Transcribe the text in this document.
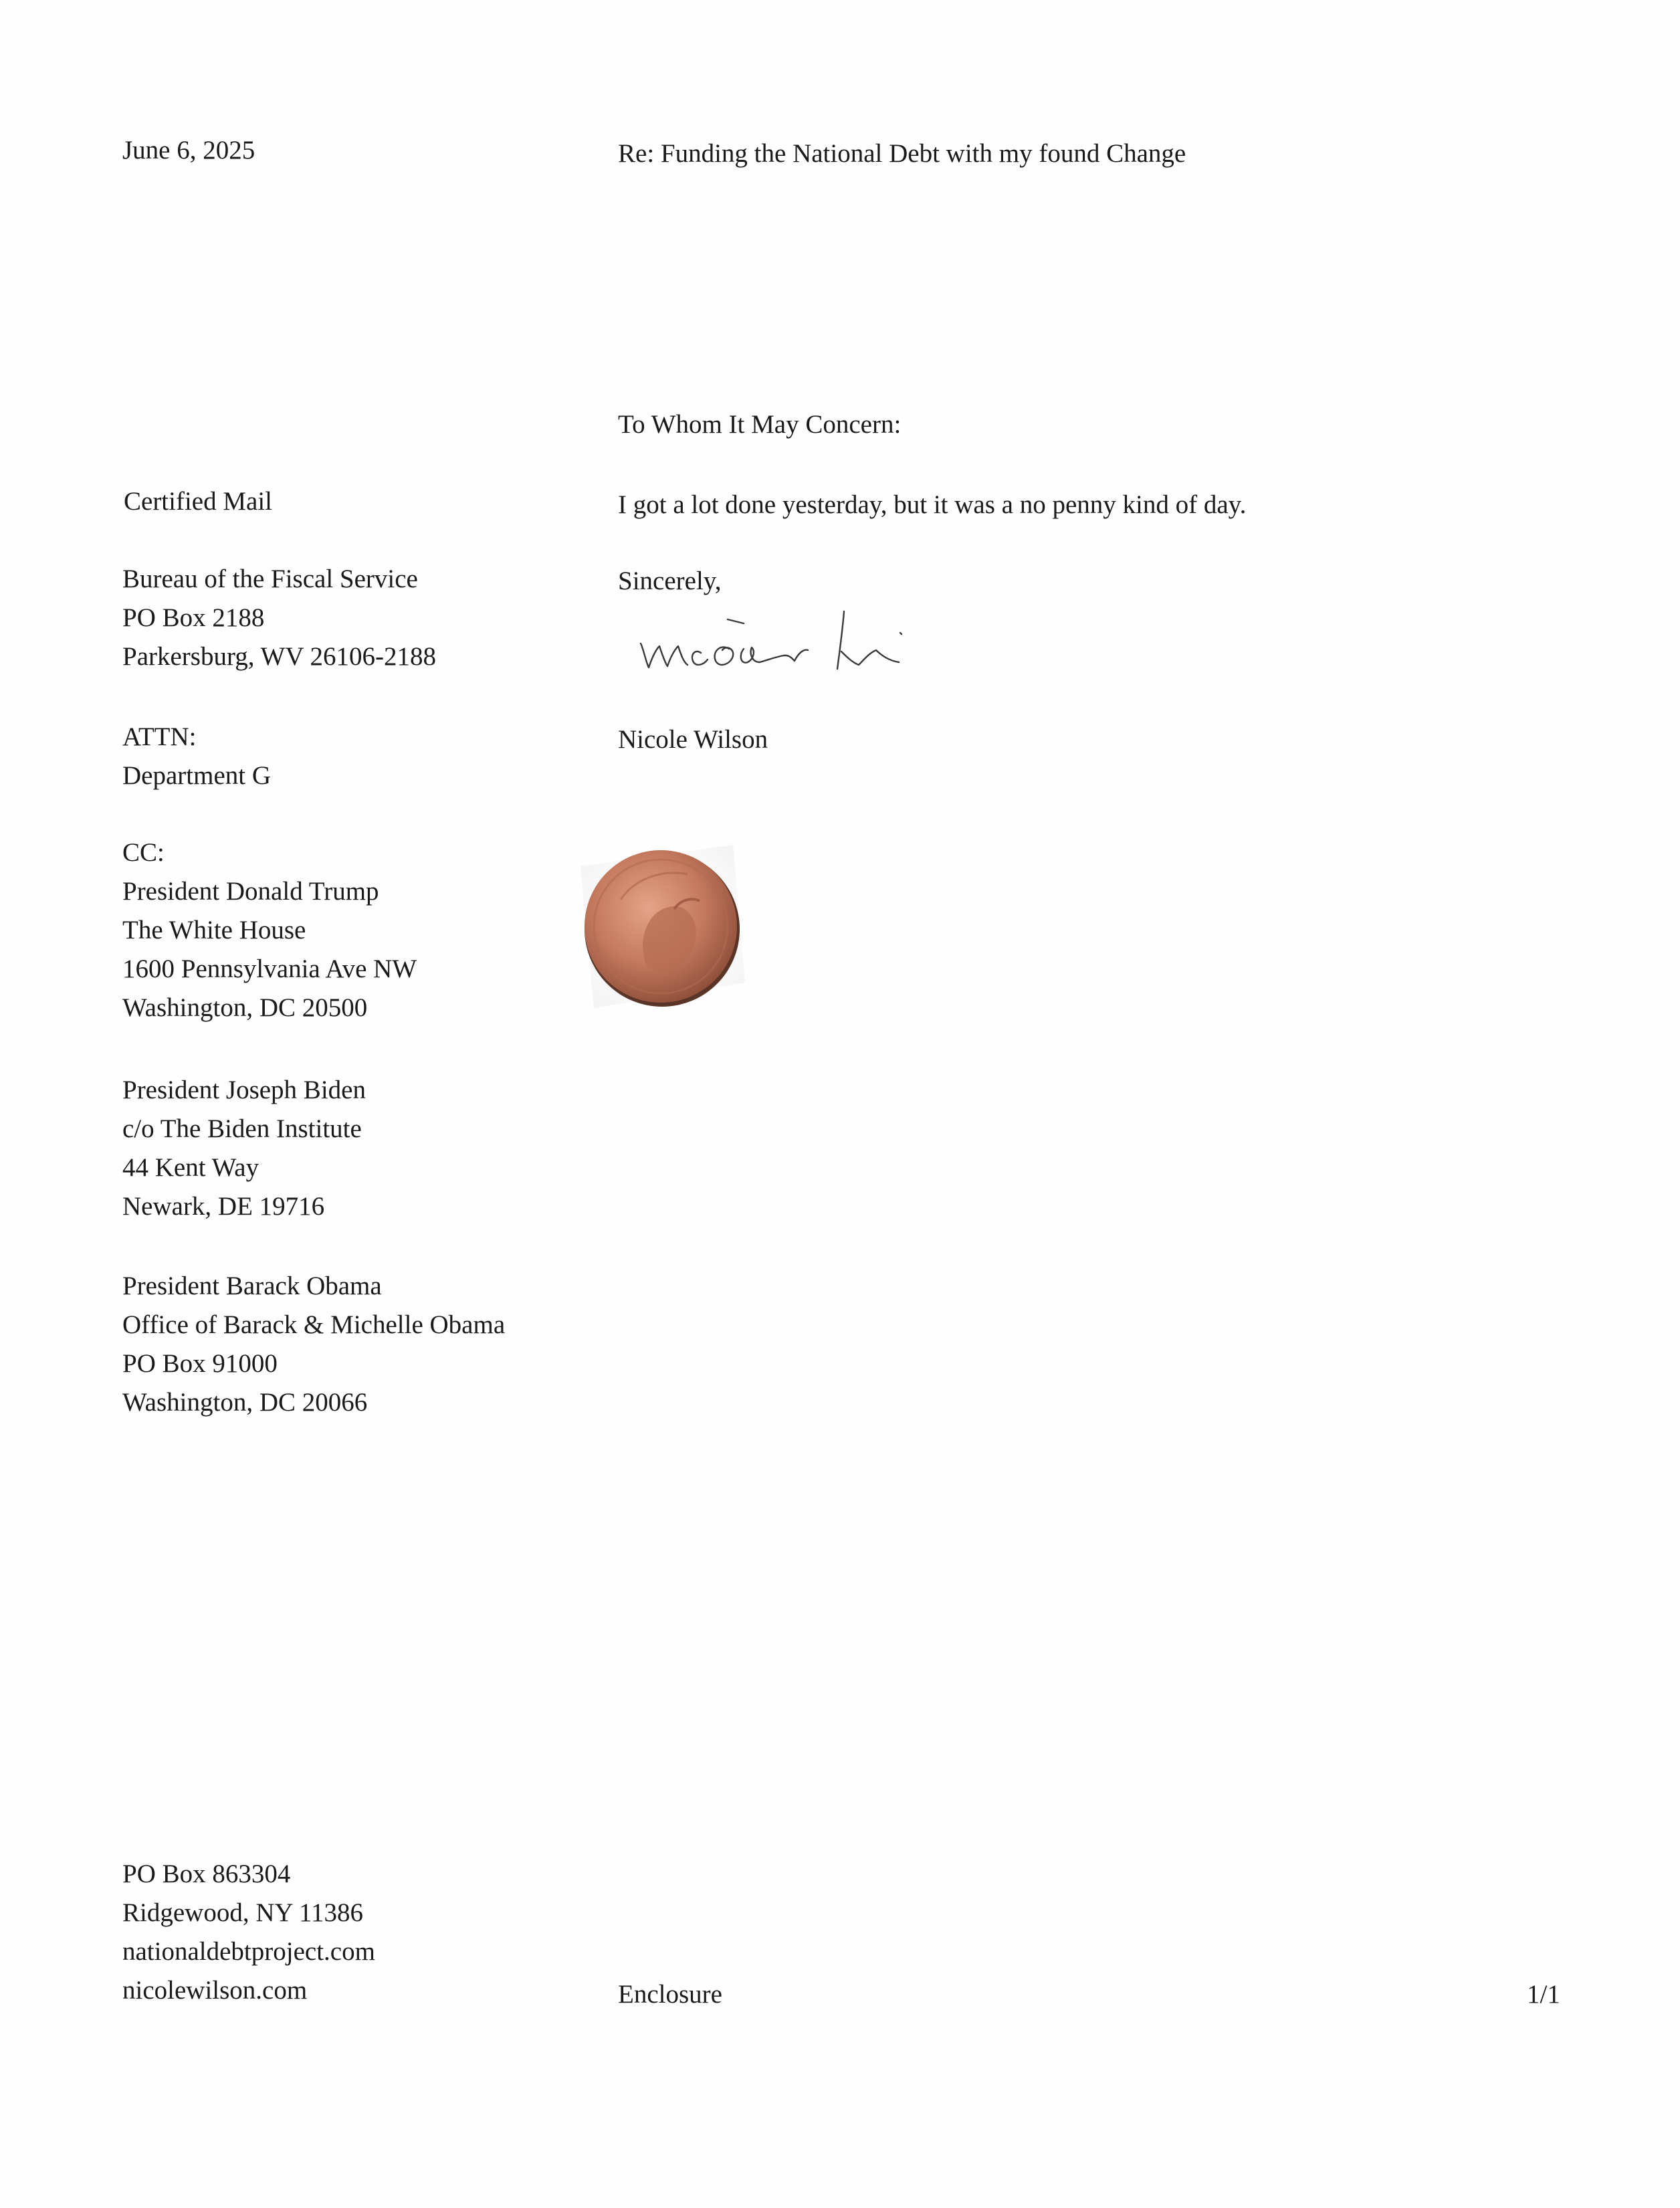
June 6, 2025	Re: Funding the National Debt with my found Change
To Whom It May Concern:
Certified Mail	I got a lot done yesterday, but it was a no penny kind of day.
Sincerely,
Nicole Wilson
Bureau of the Fiscal Service
PO Box 2188
Parkersburg, WV 26106-2188
ATTN:
Department G
CC:
President Donald Trump
The White House
1600 Pennsylvania Ave NW
Washington, DC 20500
President Joseph Biden
c/o The Biden Institute
44 Kent Way
Newark, DE 19716
President Barack Obama
Office of Barack & Michelle Obama
PO Box 91000
Washington, DC 20066
PO Box 863304
Ridgewood, NY 11386
nationaldebtproject.com
nicolewilson.com	Enclosure	1/1
